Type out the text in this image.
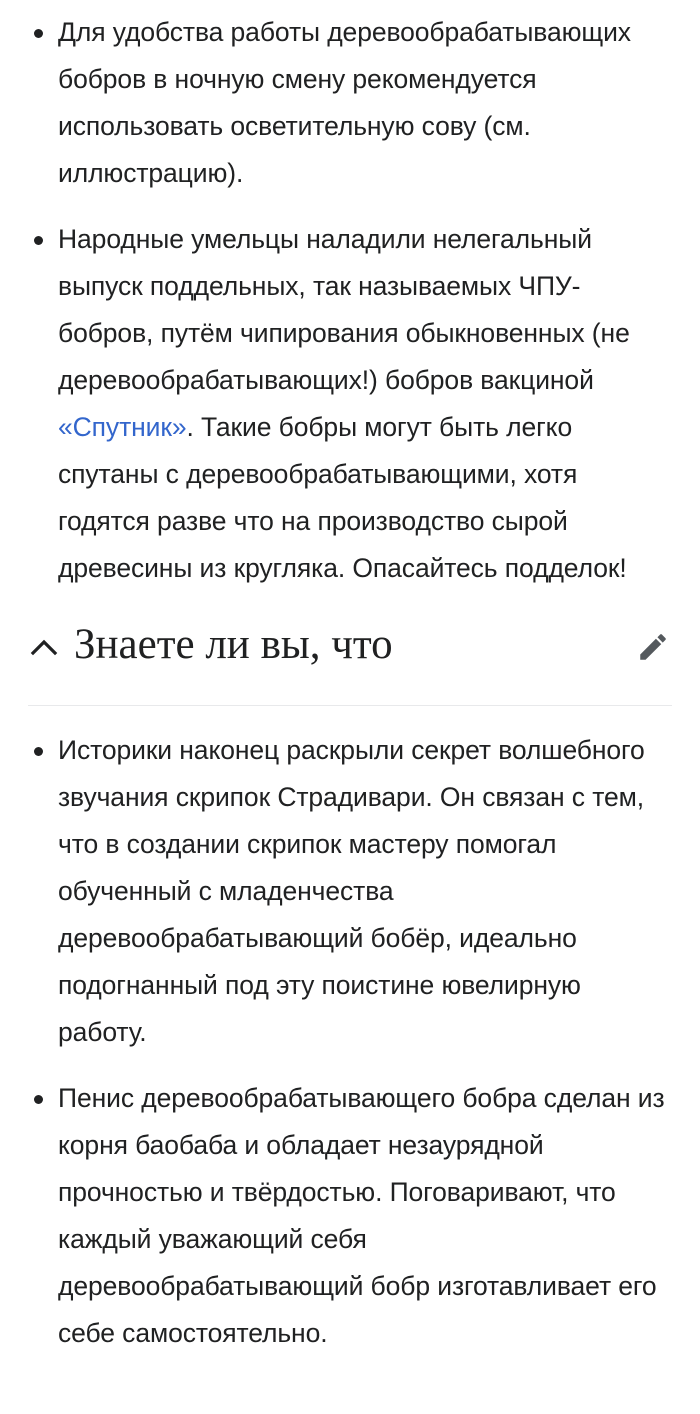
Для удобства работы деревообрабатывающих бобров в ночную смену рекомендуется использовать осветительную сову (см. иллюстрацию).
Народные умельцы наладили нелегальный выпуск поддельных, так называемых ЧПУ-бобров, путём чипирования обыкновенных (не деревообрабатывающих!) бобров вакциной «Спутник». Такие бобры могут быть легко спутаны с деревообрабатывающими, хотя годятся разве что на производство сырой древесины из кругляка. Опасайтесь подделок!
Знаете ли вы, что
Историки наконец раскрыли секрет волшебного звучания скрипок Страдивари. Он связан с тем, что в создании скрипок мастеру помогал обученный с младенчества деревообрабатывающий бобёр, идеально подогнанный под эту поистине ювелирную работу.
Пенис деревообрабатывающего бобра сделан из корня баобаба и обладает незаурядной прочностью и твёрдостью. Поговаривают, что каждый уважающий себя деревообрабатывающий бобр изготавливает его себе самостоятельно.
